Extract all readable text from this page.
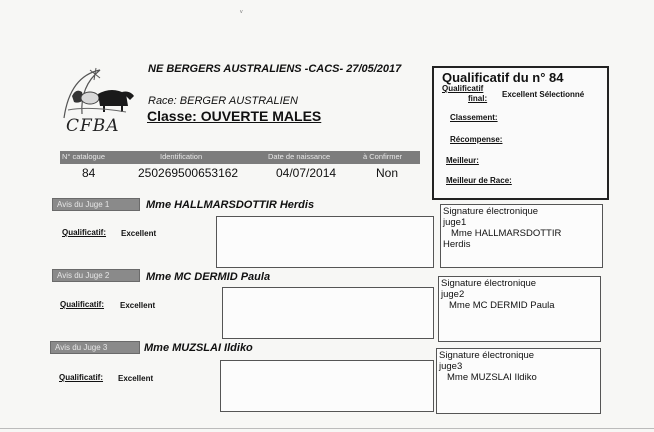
ᵛ
CFBA
NE BERGERS AUSTRALIENS -CACS- 27/05/2017
Race: BERGER AUSTRALIEN
Classe: OUVERTE MALES
N° catalogue	Identification	Date de naissance	à Confirmer
84	250269500653162	04/07/2014	Non
Qualificatif du n° 84
Qualificatif
final: Excellent Sélectionné
Classement:
Récompense:
Meilleur:
Meilleur de Race:
Avis du Juge 1	Mme HALLMARSDOTTIR Herdis
Qualificatif: Excellent
Signature électronique
juge1
Mme HALLMARSDOTTIR
Herdis
Avis du Juge 2	Mme MC DERMID Paula
Qualificatif: Excellent
Signature électronique
juge2
Mme MC DERMID Paula
Avis du Juge 3	Mme MUZSLAI Ildiko
Qualificatif: Excellent
Signature électronique
juge3
Mme MUZSLAI Ildiko
